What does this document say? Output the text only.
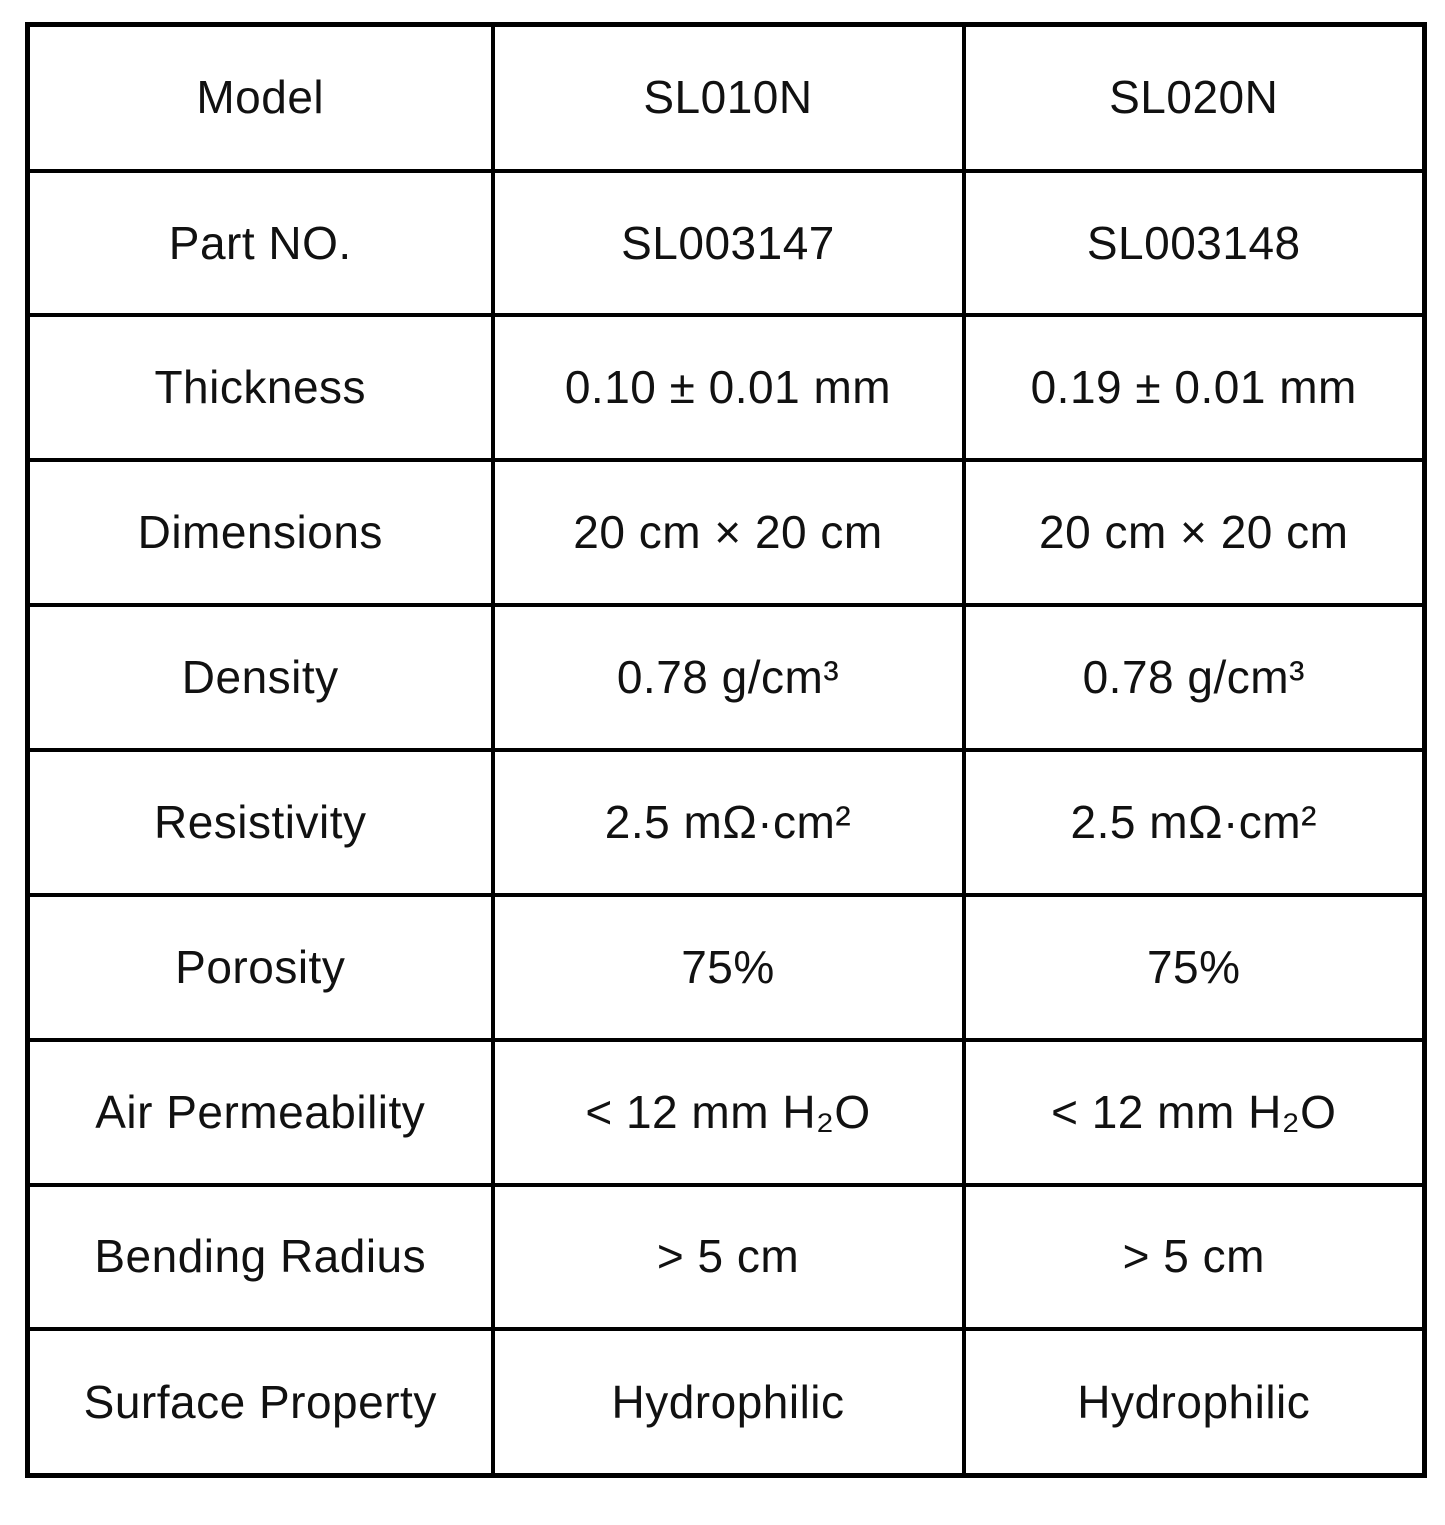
Model	SL010N	SL020N
Part NO.	SL003147	SL003148
Thickness	0.10 ± 0.01 mm	0.19 ± 0.01 mm
Dimensions	20 cm × 20 cm	20 cm × 20 cm
Density	0.78 g/cm³	0.78 g/cm³
Resistivity	2.5 mΩ·cm²	2.5 mΩ·cm²
Porosity	75%	75%
Air Permeability	< 12 mm H₂O	< 12 mm H₂O
Bending Radius	> 5 cm	> 5 cm
Surface Property	Hydrophilic	Hydrophilic
